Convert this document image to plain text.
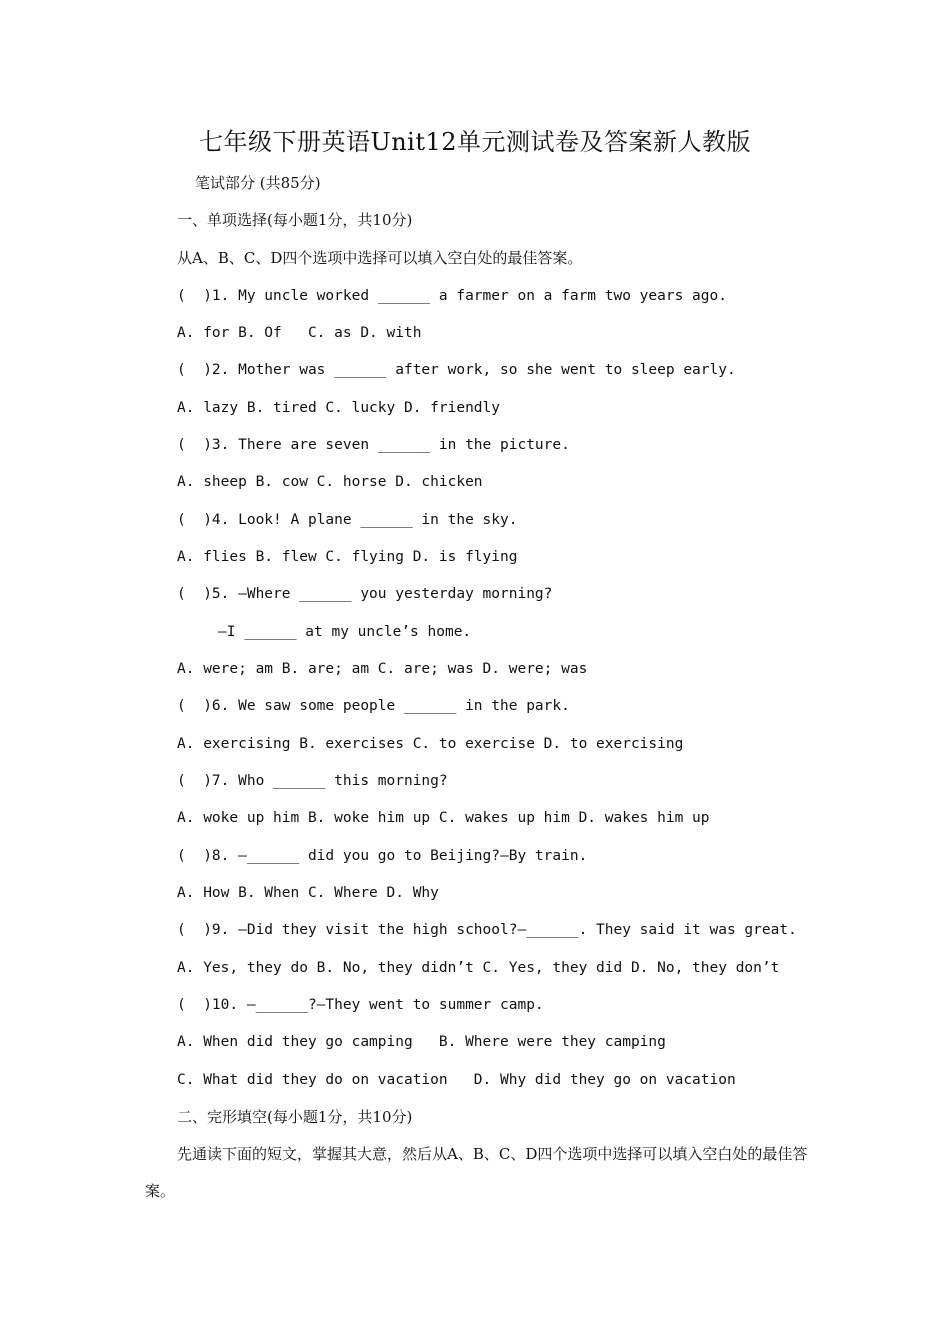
七年级下册英语Unit12单元测试卷及答案新人教版
笔试部分 (共85分)
一、单项选择(每小题1分，共10分)
从A、B、C、D四个选项中选择可以填入空白处的最佳答案。
(  )1. My uncle worked ______ a farmer on a farm two years ago.
A. for B. Of   C. as D. with
(  )2. Mother was ______ after work, so she went to sleep early.
A. lazy B. tired C. lucky D. friendly
(  )3. There are seven ______ in the picture.
A. sheep B. cow C. horse D. chicken
(  )4. Look! A plane ______ in the sky.
A. flies B. flew C. flying D. is flying
(  )5. —Where ______ you yesterday morning?
—I ______ at my uncle’s home.
A. were; am B. are; am C. are; was D. were; was
(  )6. We saw some people ______ in the park.
A. exercising B. exercises C. to exercise D. to exercising
(  )7. Who ______ this morning?
A. woke up him B. woke him up C. wakes up him D. wakes him up
(  )8. —______ did you go to Beijing?—By train.
A. How B. When C. Where D. Why
(  )9. —Did they visit the high school?—______. They said it was great.
A. Yes, they do B. No, they didn’t C. Yes, they did D. No, they don’t
(  )10. —______?—They went to summer camp.
A. When did they go camping   B. Where were they camping
C. What did they do on vacation   D. Why did they go on vacation
二、完形填空(每小题1分，共10分)
先通读下面的短文，掌握其大意，然后从A、B、C、D四个选项中选择可以填入空白处的最佳答案。
